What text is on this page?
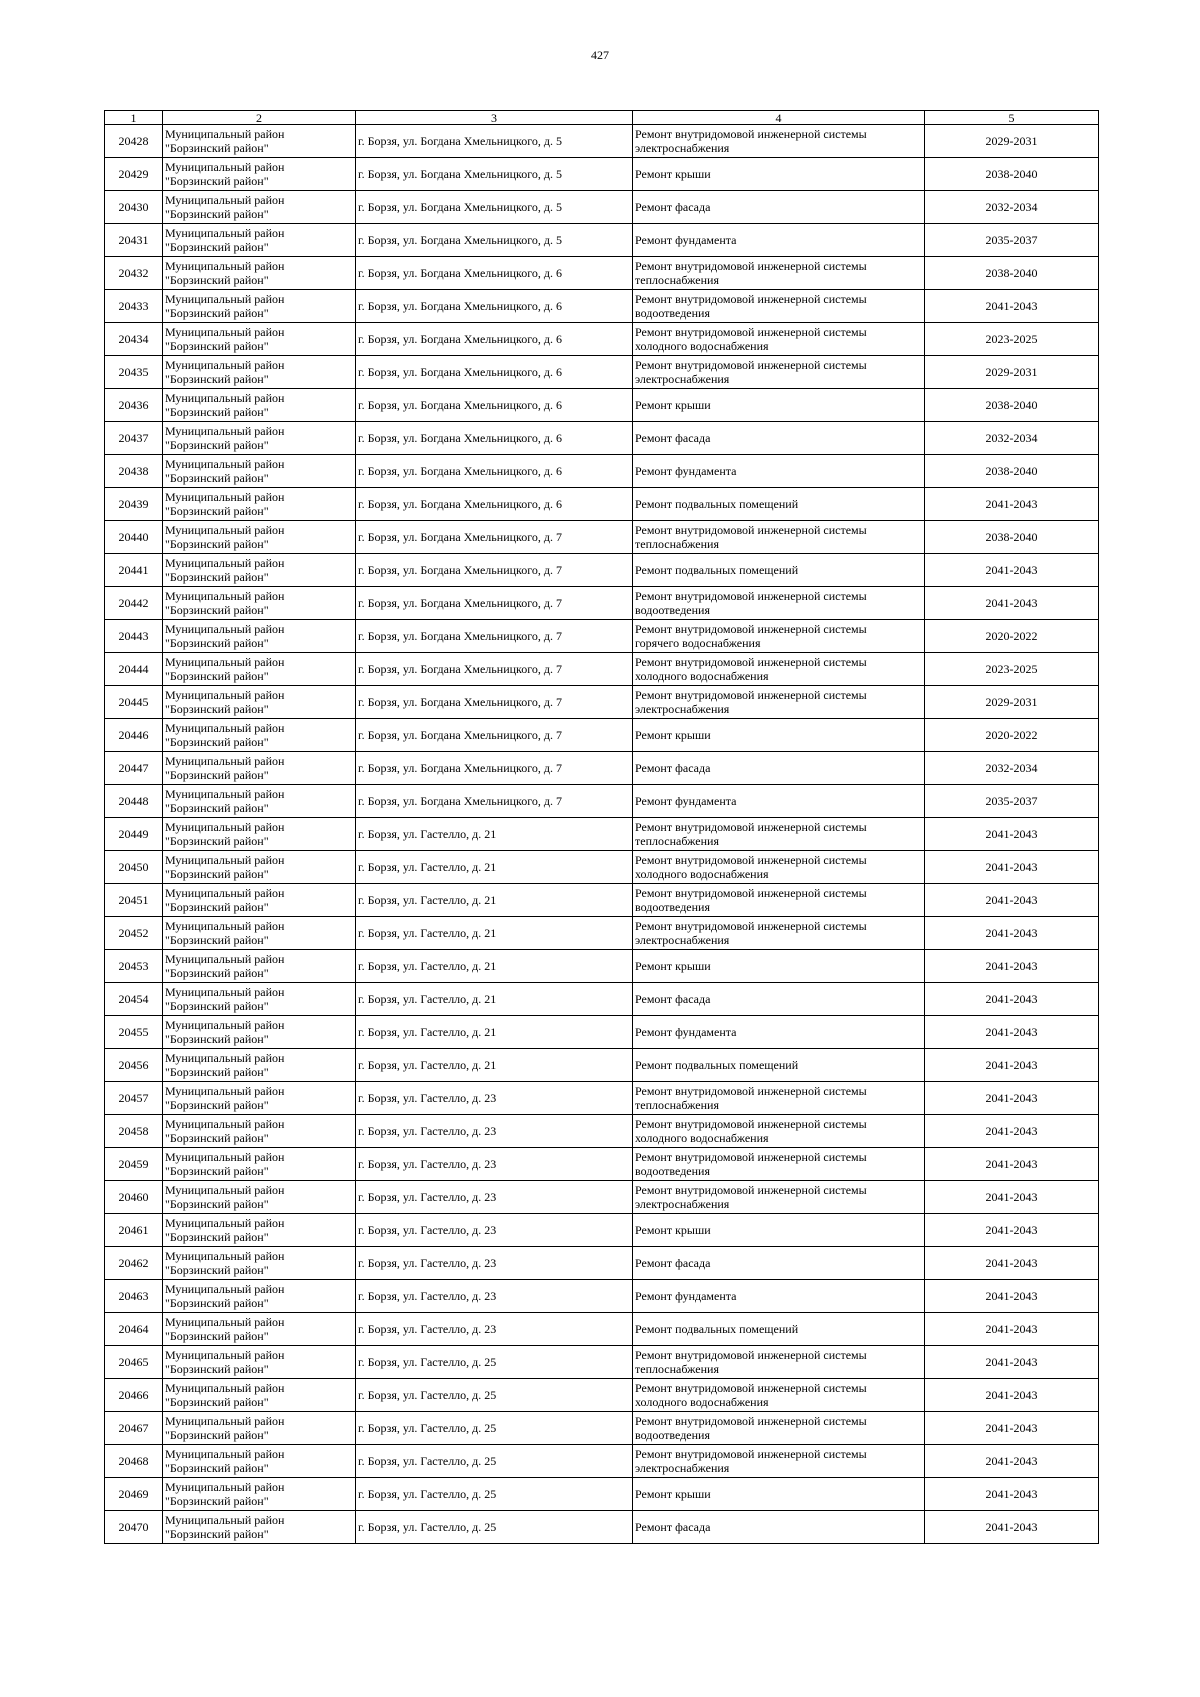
427
1	2	3	4	5
20428	Муниципальный район
"Борзинский район"	г. Борзя, ул. Богдана Хмельницкого, д. 5	Ремонт внутридомовой инженерной системы
электроснабжения	2029-2031
20429	Муниципальный район
"Борзинский район"	г. Борзя, ул. Богдана Хмельницкого, д. 5	Ремонт крыши	2038-2040
20430	Муниципальный район
"Борзинский район"	г. Борзя, ул. Богдана Хмельницкого, д. 5	Ремонт фасада	2032-2034
20431	Муниципальный район
"Борзинский район"	г. Борзя, ул. Богдана Хмельницкого, д. 5	Ремонт фундамента	2035-2037
20432	Муниципальный район
"Борзинский район"	г. Борзя, ул. Богдана Хмельницкого, д. 6	Ремонт внутридомовой инженерной системы
теплоснабжения	2038-2040
20433	Муниципальный район
"Борзинский район"	г. Борзя, ул. Богдана Хмельницкого, д. 6	Ремонт внутридомовой инженерной системы
водоотведения	2041-2043
20434	Муниципальный район
"Борзинский район"	г. Борзя, ул. Богдана Хмельницкого, д. 6	Ремонт внутридомовой инженерной системы
холодного водоснабжения	2023-2025
20435	Муниципальный район
"Борзинский район"	г. Борзя, ул. Богдана Хмельницкого, д. 6	Ремонт внутридомовой инженерной системы
электроснабжения	2029-2031
20436	Муниципальный район
"Борзинский район"	г. Борзя, ул. Богдана Хмельницкого, д. 6	Ремонт крыши	2038-2040
20437	Муниципальный район
"Борзинский район"	г. Борзя, ул. Богдана Хмельницкого, д. 6	Ремонт фасада	2032-2034
20438	Муниципальный район
"Борзинский район"	г. Борзя, ул. Богдана Хмельницкого, д. 6	Ремонт фундамента	2038-2040
20439	Муниципальный район
"Борзинский район"	г. Борзя, ул. Богдана Хмельницкого, д. 6	Ремонт подвальных помещений	2041-2043
20440	Муниципальный район
"Борзинский район"	г. Борзя, ул. Богдана Хмельницкого, д. 7	Ремонт внутридомовой инженерной системы
теплоснабжения	2038-2040
20441	Муниципальный район
"Борзинский район"	г. Борзя, ул. Богдана Хмельницкого, д. 7	Ремонт подвальных помещений	2041-2043
20442	Муниципальный район
"Борзинский район"	г. Борзя, ул. Богдана Хмельницкого, д. 7	Ремонт внутридомовой инженерной системы
водоотведения	2041-2043
20443	Муниципальный район
"Борзинский район"	г. Борзя, ул. Богдана Хмельницкого, д. 7	Ремонт внутридомовой инженерной системы
горячего водоснабжения	2020-2022
20444	Муниципальный район
"Борзинский район"	г. Борзя, ул. Богдана Хмельницкого, д. 7	Ремонт внутридомовой инженерной системы
холодного водоснабжения	2023-2025
20445	Муниципальный район
"Борзинский район"	г. Борзя, ул. Богдана Хмельницкого, д. 7	Ремонт внутридомовой инженерной системы
электроснабжения	2029-2031
20446	Муниципальный район
"Борзинский район"	г. Борзя, ул. Богдана Хмельницкого, д. 7	Ремонт крыши	2020-2022
20447	Муниципальный район
"Борзинский район"	г. Борзя, ул. Богдана Хмельницкого, д. 7	Ремонт фасада	2032-2034
20448	Муниципальный район
"Борзинский район"	г. Борзя, ул. Богдана Хмельницкого, д. 7	Ремонт фундамента	2035-2037
20449	Муниципальный район
"Борзинский район"	г. Борзя, ул. Гастелло, д. 21	Ремонт внутридомовой инженерной системы
теплоснабжения	2041-2043
20450	Муниципальный район
"Борзинский район"	г. Борзя, ул. Гастелло, д. 21	Ремонт внутридомовой инженерной системы
холодного водоснабжения	2041-2043
20451	Муниципальный район
"Борзинский район"	г. Борзя, ул. Гастелло, д. 21	Ремонт внутридомовой инженерной системы
водоотведения	2041-2043
20452	Муниципальный район
"Борзинский район"	г. Борзя, ул. Гастелло, д. 21	Ремонт внутридомовой инженерной системы
электроснабжения	2041-2043
20453	Муниципальный район
"Борзинский район"	г. Борзя, ул. Гастелло, д. 21	Ремонт крыши	2041-2043
20454	Муниципальный район
"Борзинский район"	г. Борзя, ул. Гастелло, д. 21	Ремонт фасада	2041-2043
20455	Муниципальный район
"Борзинский район"	г. Борзя, ул. Гастелло, д. 21	Ремонт фундамента	2041-2043
20456	Муниципальный район
"Борзинский район"	г. Борзя, ул. Гастелло, д. 21	Ремонт подвальных помещений	2041-2043
20457	Муниципальный район
"Борзинский район"	г. Борзя, ул. Гастелло, д. 23	Ремонт внутридомовой инженерной системы
теплоснабжения	2041-2043
20458	Муниципальный район
"Борзинский район"	г. Борзя, ул. Гастелло, д. 23	Ремонт внутридомовой инженерной системы
холодного водоснабжения	2041-2043
20459	Муниципальный район
"Борзинский район"	г. Борзя, ул. Гастелло, д. 23	Ремонт внутридомовой инженерной системы
водоотведения	2041-2043
20460	Муниципальный район
"Борзинский район"	г. Борзя, ул. Гастелло, д. 23	Ремонт внутридомовой инженерной системы
электроснабжения	2041-2043
20461	Муниципальный район
"Борзинский район"	г. Борзя, ул. Гастелло, д. 23	Ремонт крыши	2041-2043
20462	Муниципальный район
"Борзинский район"	г. Борзя, ул. Гастелло, д. 23	Ремонт фасада	2041-2043
20463	Муниципальный район
"Борзинский район"	г. Борзя, ул. Гастелло, д. 23	Ремонт фундамента	2041-2043
20464	Муниципальный район
"Борзинский район"	г. Борзя, ул. Гастелло, д. 23	Ремонт подвальных помещений	2041-2043
20465	Муниципальный район
"Борзинский район"	г. Борзя, ул. Гастелло, д. 25	Ремонт внутридомовой инженерной системы
теплоснабжения	2041-2043
20466	Муниципальный район
"Борзинский район"	г. Борзя, ул. Гастелло, д. 25	Ремонт внутридомовой инженерной системы
холодного водоснабжения	2041-2043
20467	Муниципальный район
"Борзинский район"	г. Борзя, ул. Гастелло, д. 25	Ремонт внутридомовой инженерной системы
водоотведения	2041-2043
20468	Муниципальный район
"Борзинский район"	г. Борзя, ул. Гастелло, д. 25	Ремонт внутридомовой инженерной системы
электроснабжения	2041-2043
20469	Муниципальный район
"Борзинский район"	г. Борзя, ул. Гастелло, д. 25	Ремонт крыши	2041-2043
20470	Муниципальный район
"Борзинский район"	г. Борзя, ул. Гастелло, д. 25	Ремонт фасада	2041-2043
